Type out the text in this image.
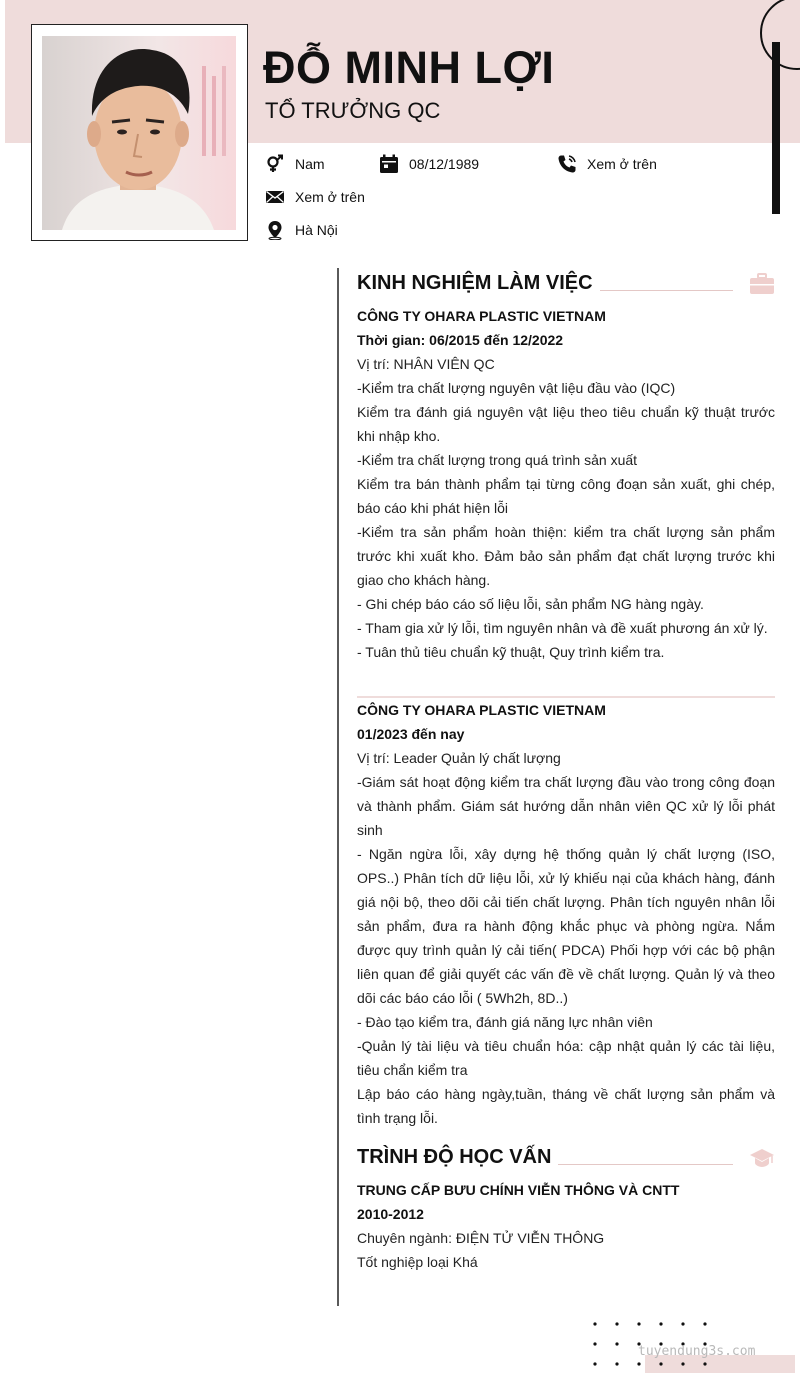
ĐỖ MINH LỢI
TỔ TRƯỞNG QC
Nam	08/12/1989	Xem ở trên
Xem ở trên
Hà Nội
KINH NGHIỆM LÀM VIỆC
CÔNG TY OHARA PLASTIC VIETNAM
Thời gian: 06/2015 đến 12/2022
Vị trí: NHÂN VIÊN QC
-Kiểm tra chất lượng nguyên vật liệu đầu vào (IQC)
Kiểm tra đánh giá nguyên vật liệu theo tiêu chuẩn kỹ thuật trước khi nhập kho.
-Kiểm tra chất lượng trong quá trình sản xuất
Kiểm tra bán thành phẩm tại từng công đoạn sản xuất, ghi chép, báo cáo khi phát hiện lỗi
-Kiểm tra sản phẩm hoàn thiện: kiểm tra chất lượng sản phẩm trước khi xuất kho. Đảm bảo sản phẩm đạt chất lượng trước khi giao cho khách hàng.
- Ghi chép báo cáo số liệu lỗi, sản phẩm NG hàng ngày.
- Tham gia xử lý lỗi, tìm nguyên nhân và đề xuất phương án xử lý.
- Tuân thủ tiêu chuẩn kỹ thuật, Quy trình kiểm tra.
CÔNG TY OHARA PLASTIC VIETNAM
01/2023 đến nay
Vị trí: Leader Quản lý chất lượng
-Giám sát hoạt động kiểm tra chất lượng đầu vào trong công đoạn và thành phẩm. Giám sát hướng dẫn nhân viên QC xử lý lỗi phát sinh
- Ngăn ngừa lỗi, xây dựng hệ thống quản lý chất lượng (ISO, OPS..) Phân tích dữ liệu lỗi, xử lý khiếu nại của khách hàng, đánh giá nội bộ, theo dõi cải tiến chất lượng. Phân tích nguyên nhân lỗi sản phẩm, đưa ra hành động khắc phục và phòng ngừa. Nắm được quy trình quản lý cải tiến( PDCA) Phối hợp với các bộ phận liên quan để giải quyết các vấn đề về chất lượng. Quản lý và theo dõi các báo cáo lỗi ( 5Wh2h, 8D..)
- Đào tạo kiểm tra, đánh giá năng lực nhân viên
-Quản lý tài liệu và tiêu chuẩn hóa: cập nhật quản lý các tài liệu, tiêu chẩn kiểm tra
Lập báo cáo hàng ngày,tuần, tháng về chất lượng sản phẩm và tình trạng lỗi.
TRÌNH ĐỘ HỌC VẤN
TRUNG CẤP BƯU CHÍNH VIỄN THÔNG VÀ CNTT
2010-2012
Chuyên ngành: ĐIỆN TỬ VIỄN THÔNG
Tốt nghiệp loại Khá
tuyendung3s.com
